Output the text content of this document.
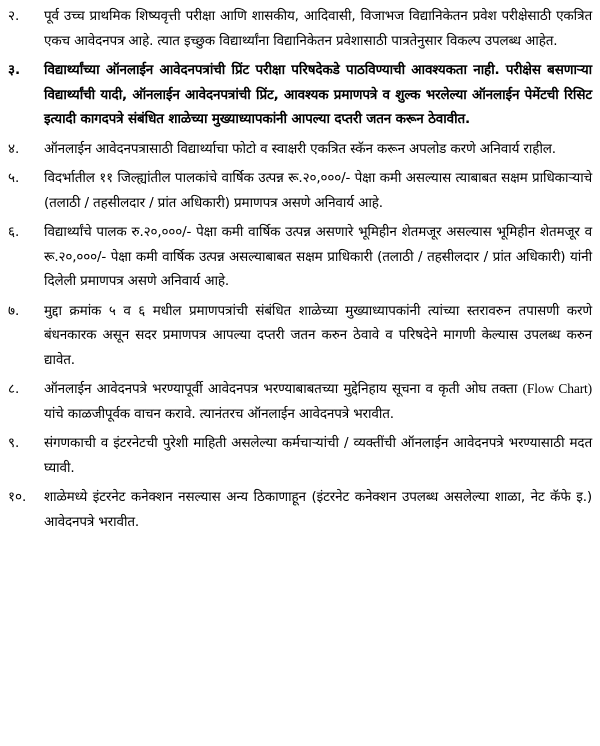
२.	पूर्व उच्च प्राथमिक शिष्यवृत्ती परीक्षा आणि शासकीय, आदिवासी, विजाभज विद्यानिकेतन प्रवेश परीक्षेसाठी एकत्रित एकच आवेदनपत्र आहे. त्यात इच्छुक विद्यार्थ्यांना विद्यानिकेतन प्रवेशासाठी पात्रतेनुसार विकल्प उपलब्ध आहेत.
३.	विद्यार्थ्यांच्या ऑनलाईन आवेदनपत्रांची प्रिंट परीक्षा परिषदेकडे पाठविण्याची आवश्यकता नाही. परीक्षेस बसणाऱ्या विद्यार्थ्यांची यादी, ऑनलाईन आवेदनपत्रांची प्रिंट, आवश्यक प्रमाणपत्रे व शुल्क भरलेल्या ऑनलाईन पेमेंटची रिसिट इत्यादी कागदपत्रे संबंधित शाळेच्या मुख्याध्यापकांनी आपल्या दप्तरी जतन करून ठेवावीत.
४.	ऑनलाईन आवेदनपत्रासाठी विद्यार्थ्याचा फोटो व स्वाक्षरी एकत्रित स्कॅन करून अपलोड करणे अनिवार्य राहील.
५.	विदर्भातील ११ जिल्ह्यांतील पालकांचे वार्षिक उत्पन्न रू.२०,०००/- पेक्षा कमी असल्यास त्याबाबत सक्षम प्राधिकाऱ्याचे (तलाठी / तहसीलदार / प्रांत अधिकारी) प्रमाणपत्र असणे अनिवार्य आहे.
६.	विद्यार्थ्यांचे पालक रु.२०,०००/- पेक्षा कमी वार्षिक उत्पन्न असणारे भूमिहीन शेतमजूर असल्यास भूमिहीन शेतमजूर व रू.२०,०००/- पेक्षा कमी वार्षिक उत्पन्न असल्याबाबत सक्षम प्राधिकारी (तलाठी / तहसीलदार / प्रांत अधिकारी) यांनी दिलेली प्रमाणपत्र असणे अनिवार्य आहे.
७.	मुद्दा क्रमांक ५ व ६ मधील प्रमाणपत्रांची संबंधित शाळेच्या मुख्याध्यापकांनी त्यांच्या स्तरावरुन तपासणी करणे बंधनकारक असून सदर प्रमाणपत्र आपल्या दप्तरी जतन करुन ठेवावे व परिषदेने मागणी केल्यास उपलब्ध करुन द्यावेत.
८.	ऑनलाईन आवेदनपत्रे भरण्यापूर्वी आवेदनपत्र भरण्याबाबतच्या मुद्देनिहाय सूचना व कृती ओघ तक्ता (Flow Chart) यांचे काळजीपूर्वक वाचन करावे. त्यानंतरच ऑनलाईन आवेदनपत्रे भरावीत.
९.	संगणकाची व इंटरनेटची पुरेशी माहिती असलेल्या कर्मचाऱ्यांची / व्यक्तींची ऑनलाईन आवेदनपत्रे भरण्यासाठी मदत घ्यावी.
१०.	शाळेमध्ये इंटरनेट कनेक्शन नसल्यास अन्य ठिकाणाहून (इंटरनेट कनेक्शन उपलब्ध असलेल्या शाळा, नेट कॅफे इ.) आवेदनपत्रे भरावीत.
